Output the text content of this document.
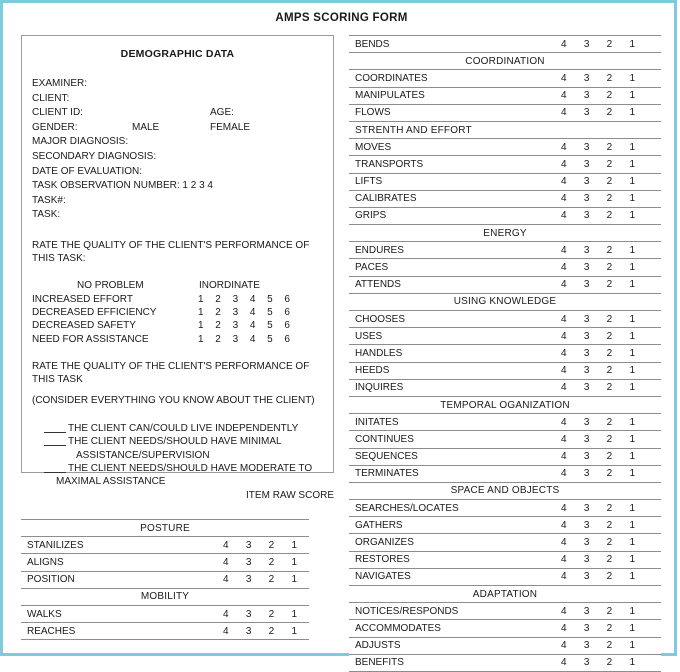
AMPS SCORING FORM
DEMOGRAPHIC DATA
EXAMINER:
CLIENT:
CLIENT ID:	AGE:
GENDER:	MALE	FEMALE
MAJOR DIAGNOSIS:
SECONDARY DIAGNOSIS:
DATE OF EVALUATION:
TASK OBSERVATION NUMBER: 1 2 3 4
TASK#:
TASK:
RATE THE QUALITY OF THE CLIENT'S PERFORMANCE OF
THIS TASK:
NO PROBLEM	INORDINATE
INCREASED EFFORT	1 2 3 4 5 6
DECREASED EFFICIENCY	1 2 3 4 5 6
DECREASED SAFETY	1 2 3 4 5 6
NEED FOR ASSISTANCE	1 2 3 4 5 6
RATE THE QUALITY OF THE CLIENT'S PERFORMANCE OF
THIS TASK
(CONSIDER EVERYTHING YOU KNOW ABOUT THE CLIENT)
THE CLIENT CAN/COULD LIVE INDEPENDENTLY
THE CLIENT NEEDS/SHOULD HAVE MINIMAL
ASSISTANCE/SUPERVISION
THE CLIENT NEEDS/SHOULD HAVE MODERATE TO
MAXIMAL ASSISTANCE
ITEM RAW SCORE
POSTURE	
STANILIZES	4 3 2 1

ALIGNS	4 3 2 1

POSITION	4 3 2 1

MOBILITY	
WALKS	4 3 2 1

REACHES	4 3 2 1
BENDS	4 3 2 1

COORDINATION	
COORDINATES	4 3 2 1

MANIPULATES	4 3 2 1

FLOWS	4 3 2 1

STRENTH AND EFFORT	
MOVES	4 3 2 1

TRANSPORTS	4 3 2 1

LIFTS	4 3 2 1

CALIBRATES	4 3 2 1

GRIPS	4 3 2 1

ENERGY	
ENDURES	4 3 2 1

PACES	4 3 2 1

ATTENDS	4 3 2 1

USING KNOWLEDGE	
CHOOSES	4 3 2 1

USES	4 3 2 1

HANDLES	4 3 2 1

HEEDS	4 3 2 1

INQUIRES	4 3 2 1

TEMPORAL OGANIZATION	
INITATES	4 3 2 1

CONTINUES	4 3 2 1

SEQUENCES	4 3 2 1

TERMINATES	4 3 2 1

SPACE AND OBJECTS	
SEARCHES/LOCATES	4 3 2 1

GATHERS	4 3 2 1

ORGANIZES	4 3 2 1

RESTORES	4 3 2 1

NAVIGATES	4 3 2 1

ADAPTATION	
NOTICES/RESPONDS	4 3 2 1

ACCOMMODATES	4 3 2 1

ADJUSTS	4 3 2 1

BENEFITS	4 3 2 1
